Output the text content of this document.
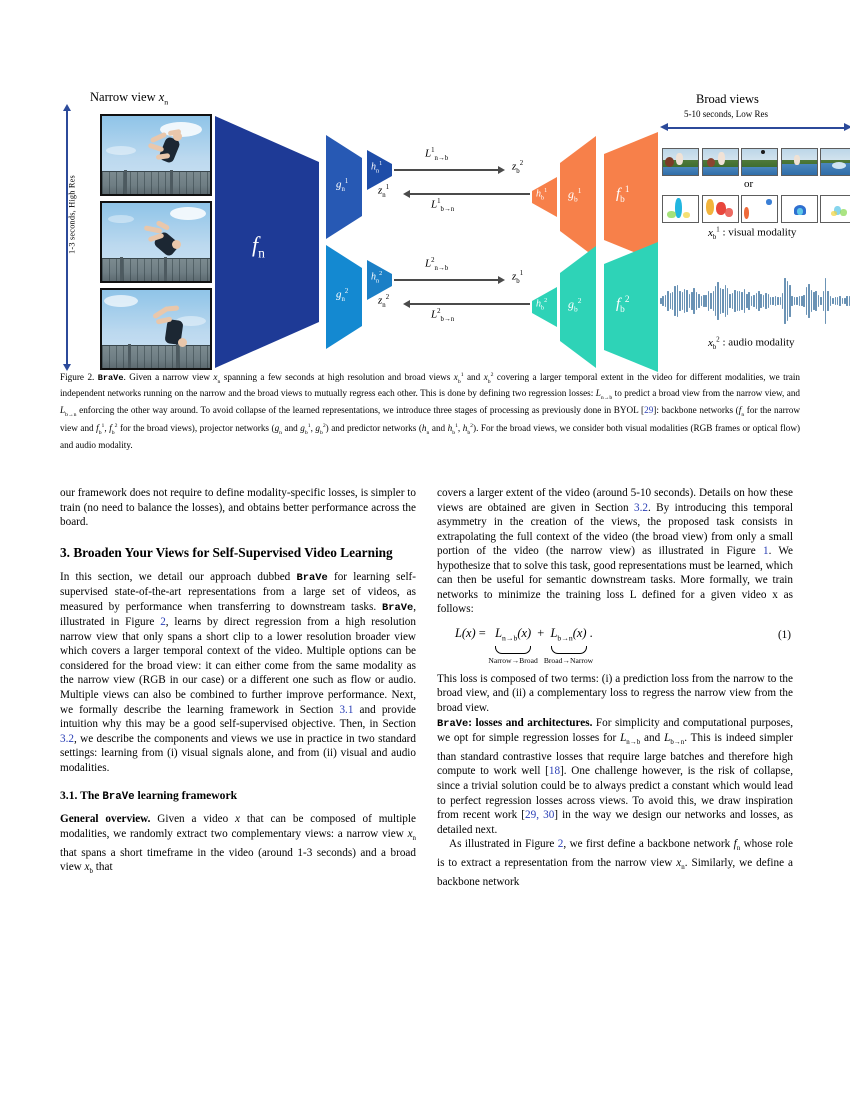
1-3 seconds, High Res
Narrow view $x_n$
$f_n$
$g_n^1$
$h_n^1$
$g_n^2$
$h_n^2$
$L^1_{n\to b}$
$z_b^2$
$z_n^1$
$L^1_{b\to n}$
$L^2_{n\to b}$
$z_b^1$
$z_n^2$
$L^2_{b\to n}$
$h_b^1$ $g_b^1$ $f_b^1$
$h_b^2$ $g_b^2$ $f_b^2$
Broad views
5-10 seconds, Low Res
or
$x_b^1$ : visual modality
$x_b^2$ : audio modality
Figure 2. BraVe. Given a narrow view $x_n$ spanning a few seconds at high resolution and broad views $x_b^1$ and $x_b^2$ covering a larger temporal extent in the video for different modalities, we train independent networks running on the narrow and the broad views to mutually regress each other. This is done by defining two regression losses: $L_{n\to b}$ to predict a broad view from the narrow view, and $L_{b\to n}$ enforcing the other way around. To avoid collapse of the learned representations, we introduce three stages of processing as previously done in BYOL [29]: backbone networks ($f_n$ for the narrow view and $f_b^1$, $f_b^2$ for the broad views), projector networks ($g_n$ and $g_b^1$, $g_b^2$) and predictor networks ($h_n$ and $h_b^1$, $h_b^2$). For the broad views, we consider both visual modalities (RGB frames or optical flow) and audio modality.

our framework does not require to define modality-specific losses, is simpler to train (no need to balance the losses), and obtains better performance across the board.

3. Broaden Your Views for Self-Supervised Video Learning

In this section, we detail our approach dubbed BraVe for learning self-supervised state-of-the-art representations from a large set of videos, as measured by performance when transferring to downstream tasks. BraVe, illustrated in Figure 2, learns by direct regression from a high resolution narrow view that only spans a short clip to a lower resolution broader view which covers a larger temporal context of the video. Multiple options can be considered for the broad view: it can either come from the same modality as the narrow view (RGB in our case) or a different one such as flow or audio. Multiple views can also be combined to further improve performance. Next, we formally describe the learning framework in Section 3.1 and provide intuition why this may be a good self-supervised objective. Then, in Section 3.2, we describe the components and views we use in practice in two standard settings: learning from (i) visual signals alone, and from (ii) visual and audio modalities.

3.1. The BraVe learning framework

General overview. Given a video x that can be composed of multiple modalities, we randomly extract two complementary views: a narrow view $x_n$ that spans a short timeframe in the video (around 1-3 seconds) and a broad view $x_b$ that

covers a larger extent of the video (around 5-10 seconds). Details on how these views are obtained are given in Section 3.2. By introducing this temporal asymmetry in the creation of the views, the proposed task consists in extrapolating the full context of the video (the broad view) from only a small portion of the video (the narrow view) as illustrated in Figure 1. We hypothesize that to solve this task, good representations must be learned, which can then be useful for semantic downstream tasks. More formally, we train networks to minimize the training loss L defined for a given video x as follows:

$L(x) = L_{n\to b}(x)$
Narrow→Broad
+ $L_{b\to n}(x)$
Broad→Narrow
.	(1)

This loss is composed of two terms: (i) a prediction loss from the narrow to the broad view, and (ii) a complementary loss to regress the narrow view from the broad view.

BraVe: losses and architectures. For simplicity and computational purposes, we opt for simple regression losses for $L_{n\to b}$ and $L_{b\to n}$. This is indeed simpler than standard contrastive losses that require large batches and therefore high compute to work well [18]. One challenge however, is the risk of collapse, since a trivial solution could be to always predict a constant which would lead to perfect regression losses across views. To avoid this, we draw inspiration from recent work [29, 30] in the way we design our networks and losses, as detailed next.

As illustrated in Figure 2, we first define a backbone network $f_n$ whose role is to extract a representation from the narrow view $x_n$. Similarly, we define a backbone network
